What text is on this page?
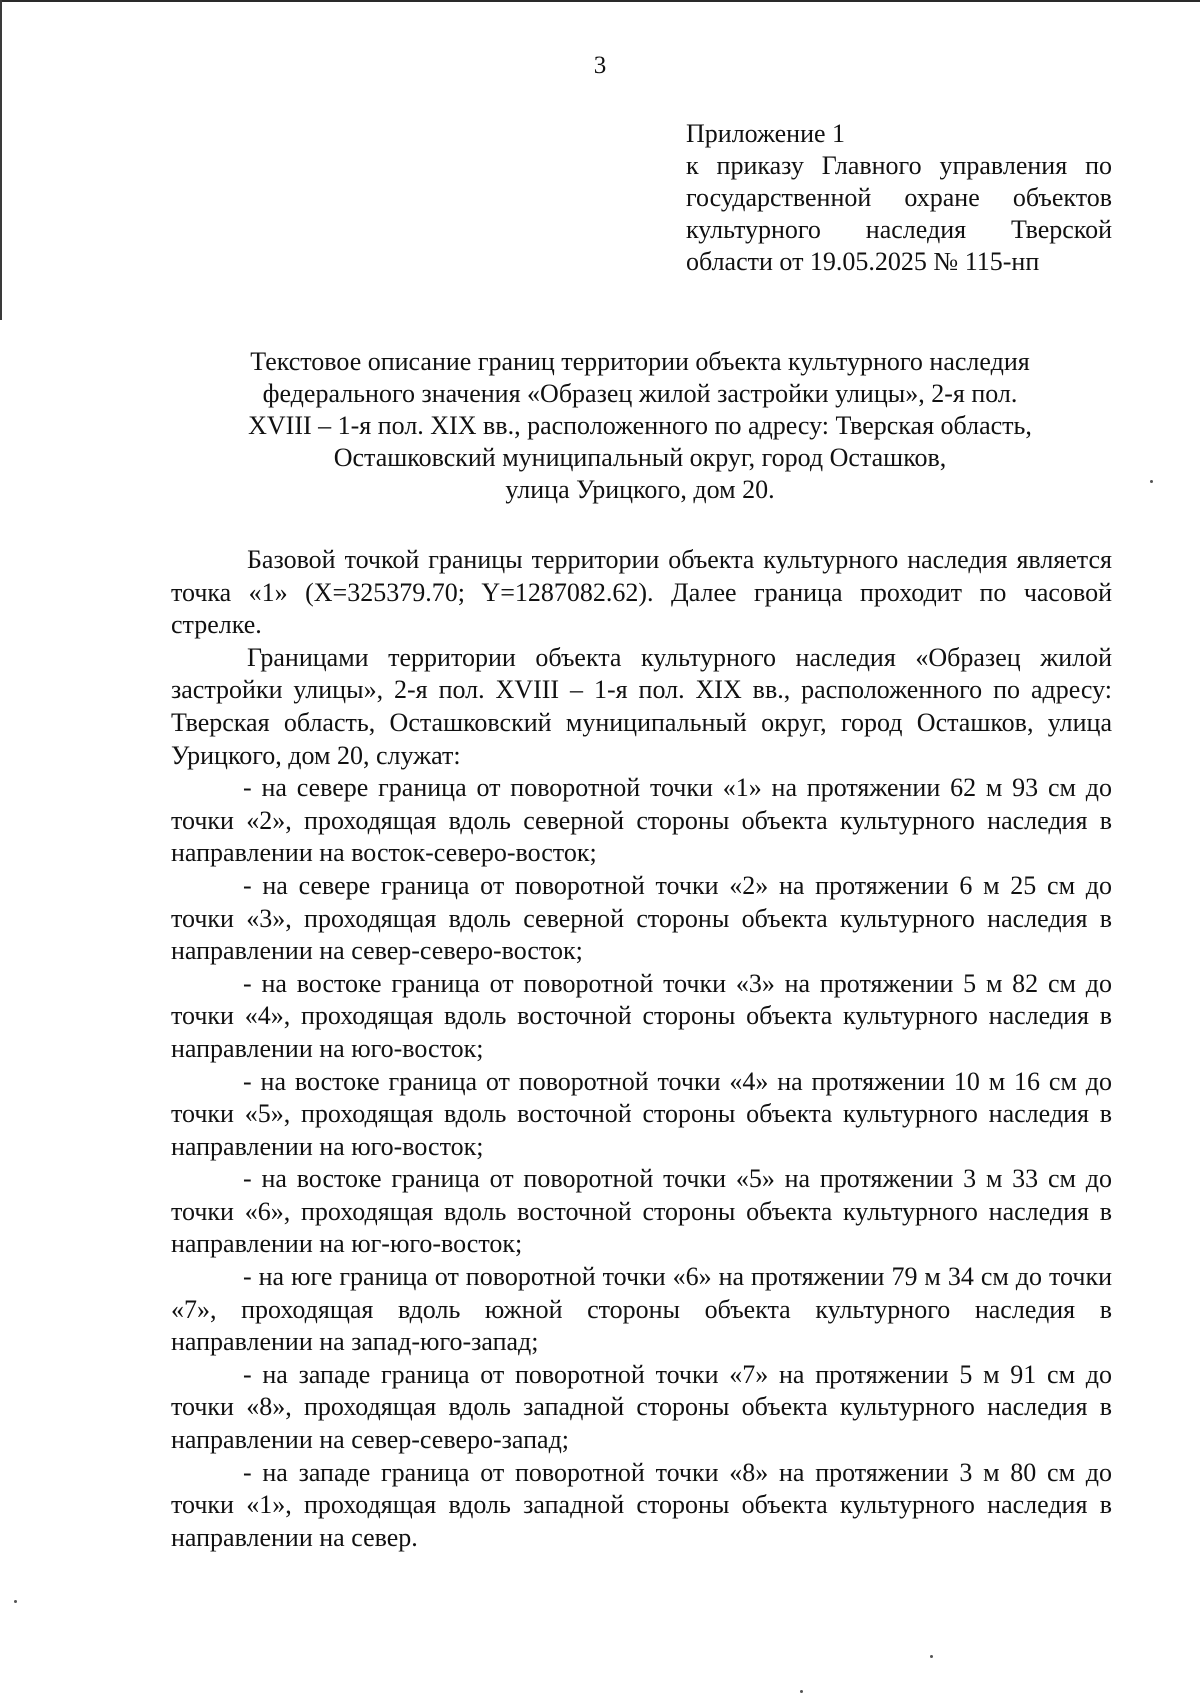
3
Приложение 1
к приказу Главного управления по
государственной охране объектов
культурного наследия Тверской
области от 19.05.2025 № 115-нп
Текстовое описание границ территории объекта культурного наследия
федерального значения «Образец жилой застройки улицы», 2-я пол.
XVIII – 1-я пол. XIX вв., расположенного по адресу: Тверская область,
Осташковский муниципальный округ, город Осташков,
улица Урицкого, дом 20.

Базовой точкой границы территории объекта культурного наследия является точка «1» (X=325379.70; Y=1287082.62). Далее граница проходит по часовой стрелке.

Границами территории объекта культурного наследия «Образец жилой застройки улицы», 2-я пол. XVIII – 1-я пол. XIX вв., расположенного по адресу: Тверская область, Осташковский муниципальный округ, город Осташков, улица Урицкого, дом 20, служат:

- на севере граница от поворотной точки «1» на протяжении 62 м 93 см до точки «2», проходящая вдоль северной стороны объекта культурного наследия в направлении на восток-северо-восток;

- на севере граница от поворотной точки «2» на протяжении 6 м 25 см до точки «3», проходящая вдоль северной стороны объекта культурного наследия в направлении на север-северо-восток;

- на востоке граница от поворотной точки «3» на протяжении 5 м 82 см до точки «4», проходящая вдоль восточной стороны объекта культурного наследия в направлении на юго-восток;

- на востоке граница от поворотной точки «4» на протяжении 10 м 16 см до точки «5», проходящая вдоль восточной стороны объекта культурного наследия в направлении на юго-восток;

- на востоке граница от поворотной точки «5» на протяжении 3 м 33 см до точки «6», проходящая вдоль восточной стороны объекта культурного наследия в направлении на юг-юго-восток;

- на юге граница от поворотной точки «6» на протяжении 79 м 34 см до точки «7», проходящая вдоль южной стороны объекта культурного наследия в направлении на запад-юго-запад;

- на западе граница от поворотной точки «7» на протяжении 5 м 91 см до точки «8», проходящая вдоль западной стороны объекта культурного наследия в направлении на север-северо-запад;

- на западе граница от поворотной точки «8» на протяжении 3 м 80 см до точки «1», проходящая вдоль западной стороны объекта культурного наследия в направлении на север.
